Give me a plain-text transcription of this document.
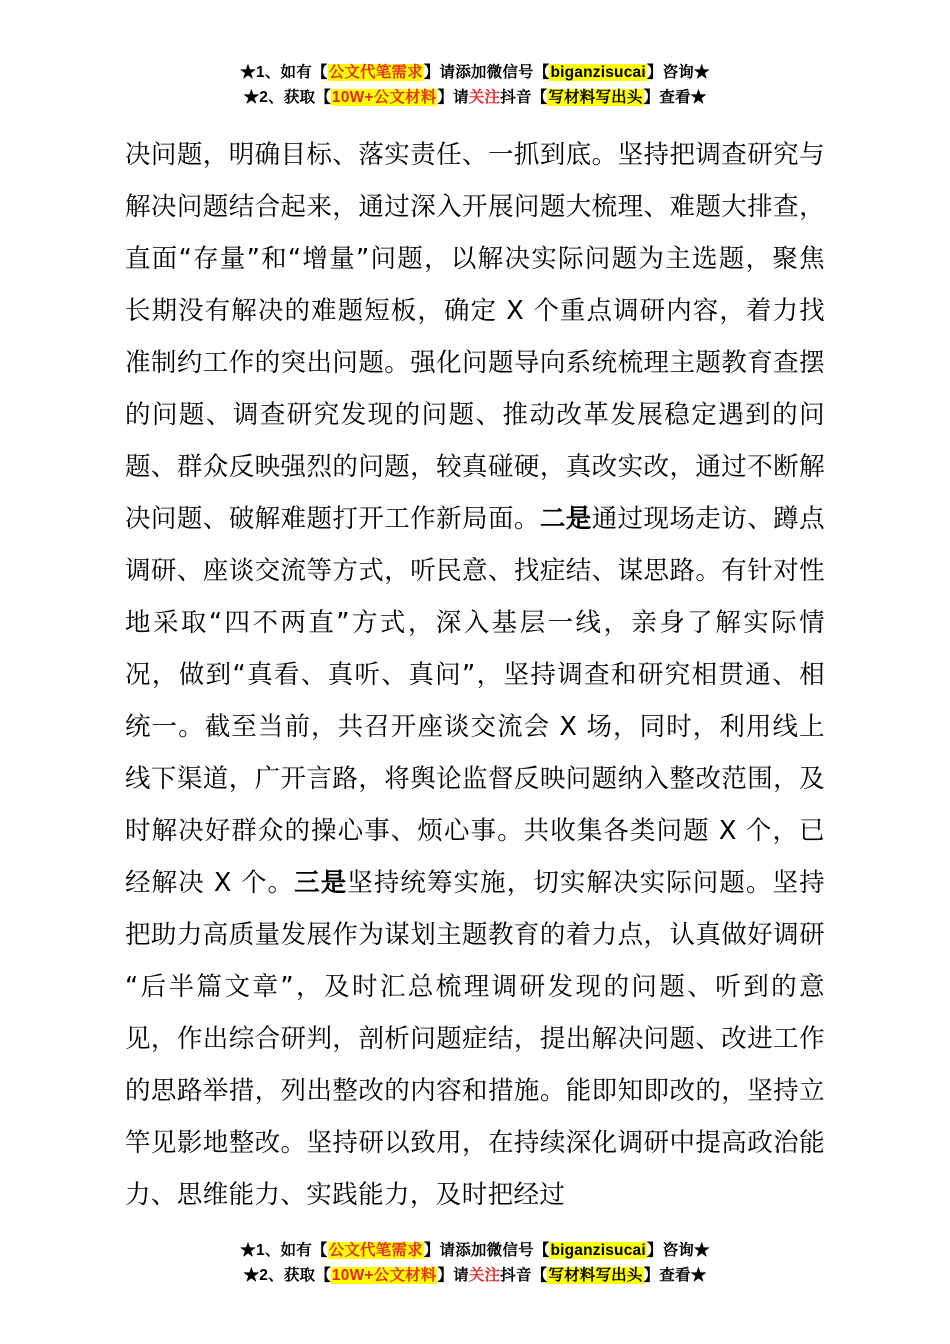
★1、如有【公文代笔需求】请添加微信号【biganzisucai】咨询★
★2、获取【10W+公文材料】请关注抖音【写材料写出头】查看★

决问题，明确目标、落实责任、一抓到底。坚持把调查研究与解决问题结合起来，通过深入开展问题大梳理、难题大排查，直面“存量”和“增量”问题，以解决实际问题为主选题，聚焦长期没有解决的难题短板，确定 X 个重点调研内容，着力找准制约工作的突出问题。强化问题导向系统梳理主题教育查摆的问题、调查研究发现的问题、推动改革发展稳定遇到的问题、群众反映强烈的问题，较真碰硬，真改实改，通过不断解决问题、破解难题打开工作新局面。二是通过现场走访、蹲点调研、座谈交流等方式，听民意、找症结、谋思路。有针对性地采取“四不两直”方式，深入基层一线，亲身了解实际情况，做到“真看、真听、真问”，坚持调查和研究相贯通、相统一。截至当前，共召开座谈交流会 X 场，同时，利用线上线下渠道，广开言路，将舆论监督反映问题纳入整改范围，及时解决好群众的操心事、烦心事。共收集各类问题 X 个，已经解决 X 个。三是坚持统筹实施，切实解决实际问题。坚持把助力高质量发展作为谋划主题教育的着力点，认真做好调研“后半篇文章”，及时汇总梳理调研发现的问题、听到的意见，作出综合研判，剖析问题症结，提出解决问题、改进工作的思路举措，列出整改的内容和措施。能即知即改的，坚持立竿见影地整改。坚持研以致用，在持续深化调研中提高政治能力、思维能力、实践能力，及时把经过

★1、如有【公文代笔需求】请添加微信号【biganzisucai】咨询★
★2、获取【10W+公文材料】请关注抖音【写材料写出头】查看★
